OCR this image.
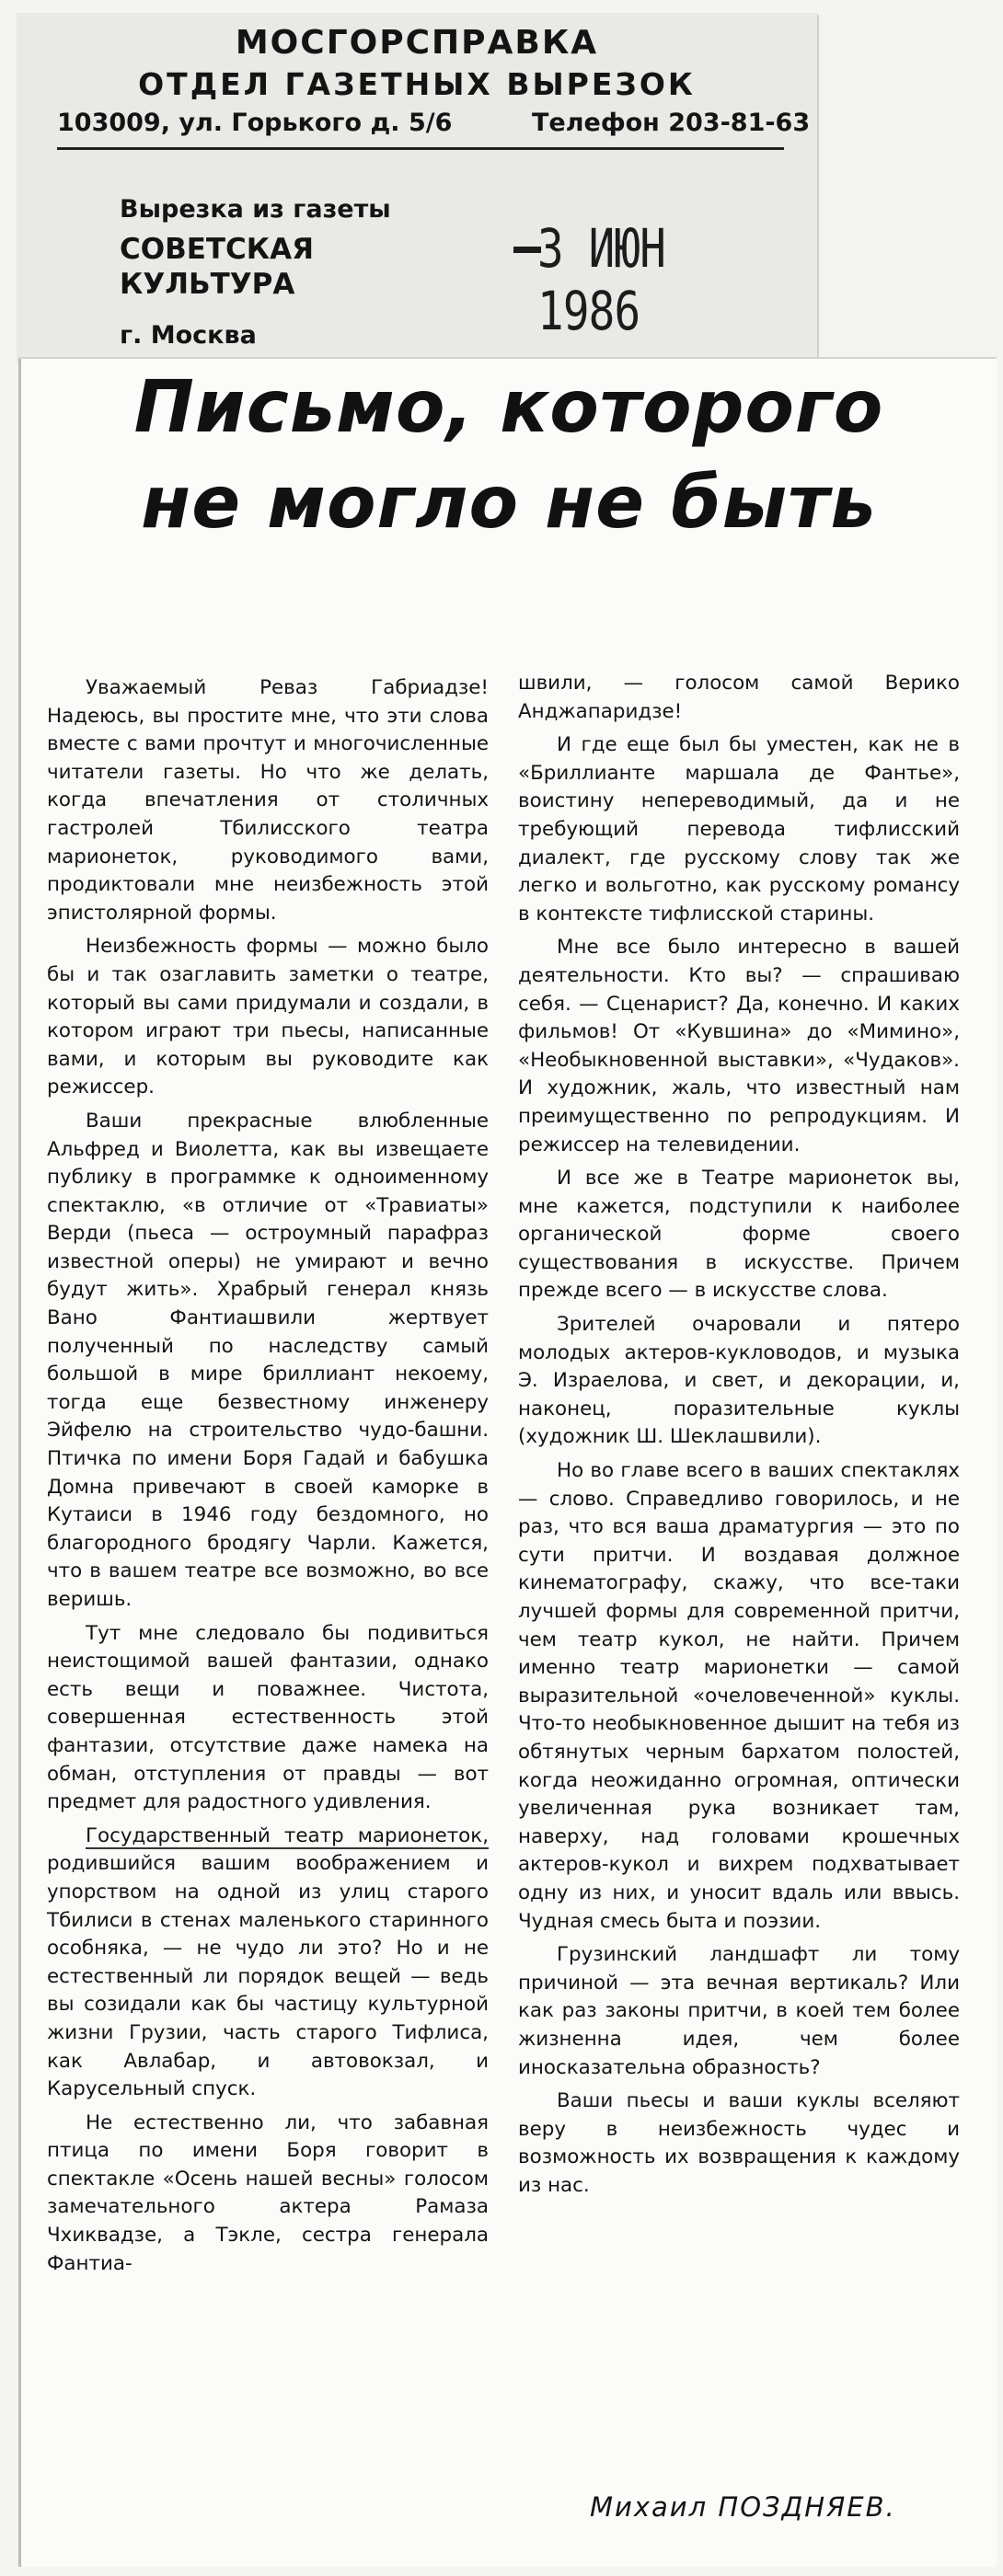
МОСГОРСПРАВКА
ОТДЕЛ ГАЗЕТНЫХ ВЫРЕЗОК
103009, ул. Горького д. 5/6	Телефон 203-81-63
Вырезка из газеты
СОВЕТСКАЯ КУЛЬТУРА
г. Москва
3 ИЮН 1986
Письмо, которого
не могло не быть

Уважаемый Реваз Габриадзе! Надеюсь, вы простите мне, что эти слова вместе с вами прочтут и многочисленные читатели газеты. Но что же делать, когда впечатления от столичных гастролей Тбилисского театра марионеток, руководимого вами, продиктовали мне неизбежность этой эпистолярной формы.

Неизбежность формы — можно было бы и так озаглавить заметки о театре, который вы сами придумали и создали, в котором играют три пьесы, написанные вами, и которым вы руководите как режиссер.

Ваши прекрасные влюбленные Альфред и Виолетта, как вы извещаете публику в программке к одноименному спектаклю, «в отличие от «Травиаты» Верди (пьеса — остроумный парафраз известной оперы) не умирают и вечно будут жить». Храбрый генерал князь Вано Фантиашвили жертвует полученный по наследству самый большой в мире бриллиант некоему, тогда еще безвестному инженеру Эйфелю на строительство чудо-башни. Птичка по имени Боря Гадай и бабушка Домна привечают в своей каморке в Кутаиси в 1946 году бездомного, но благородного бродягу Чарли. Кажется, что в вашем театре все возможно, во все веришь.

Тут мне следовало бы подивиться неистощимой вашей фантазии, однако есть вещи и поважнее. Чистота, совершенная естественность этой фантазии, отсутствие даже намека на обман, отступления от правды — вот предмет для радостного удивления.

Государственный театр марионеток, родившийся вашим воображением и упорством на одной из улиц старого Тбилиси в стенах маленького старинного особняка, — не чудо ли это? Но и не естественный ли порядок вещей — ведь вы созидали как бы частицу культурной жизни Грузии, часть старого Тифлиса, как Авлабар, и автовокзал, и Карусельный спуск.

Не естественно ли, что забавная птица по имени Боря говорит в спектакле «Осень нашей весны» голосом замечательного актера Рамаза Чхиквадзе, а Тэкле, сестра генерала Фантиа-

швили, — голосом самой Верико Анджапаридзе!

И где еще был бы уместен, как не в «Бриллианте маршала де Фантье», воистину непереводимый, да и не требующий перевода тифлисский диалект, где русскому слову так же легко и вольготно, как русскому романсу в контексте тифлисской старины.

Мне все было интересно в вашей деятельности. Кто вы? — спрашиваю себя. — Сценарист? Да, конечно. И каких фильмов! От «Кувшина» до «Мимино», «Необыкновенной выставки», «Чудаков». И художник, жаль, что известный нам преимущественно по репродукциям. И режиссер на телевидении.

И все же в Театре марионеток вы, мне кажется, подступили к наиболее органической форме своего существования в искусстве. Причем прежде всего — в искусстве слова.

Зрителей очаровали и пятеро молодых актеров-кукловодов, и музыка Э. Израелова, и свет, и декорации, и, наконец, поразительные куклы (художник Ш. Шеклашвили).

Но во главе всего в ваших спектаклях — слово. Справедливо говорилось, и не раз, что вся ваша драматургия — это по сути притчи. И воздавая должное кинематографу, скажу, что все-таки лучшей формы для современной притчи, чем театр кукол, не найти. Причем именно театр марионетки — самой выразительной «очеловеченной» куклы. Что-то необыкновенное дышит на тебя из обтянутых черным бархатом полостей, когда неожиданно огромная, оптически увеличенная рука возникает там, наверху, над головами крошечных актеров-кукол и вихрем подхватывает одну из них, и уносит вдаль или ввысь. Чудная смесь быта и поэзии.

Грузинский ландшафт ли тому причиной — эта вечная вертикаль? Или как раз законы притчи, в коей тем более жизненна идея, чем более иносказательна образность?

Ваши пьесы и ваши куклы вселяют веру в неизбежность чудес и возможность их возвращения к каждому из нас.

Михаил ПОЗДНЯЕВ.
